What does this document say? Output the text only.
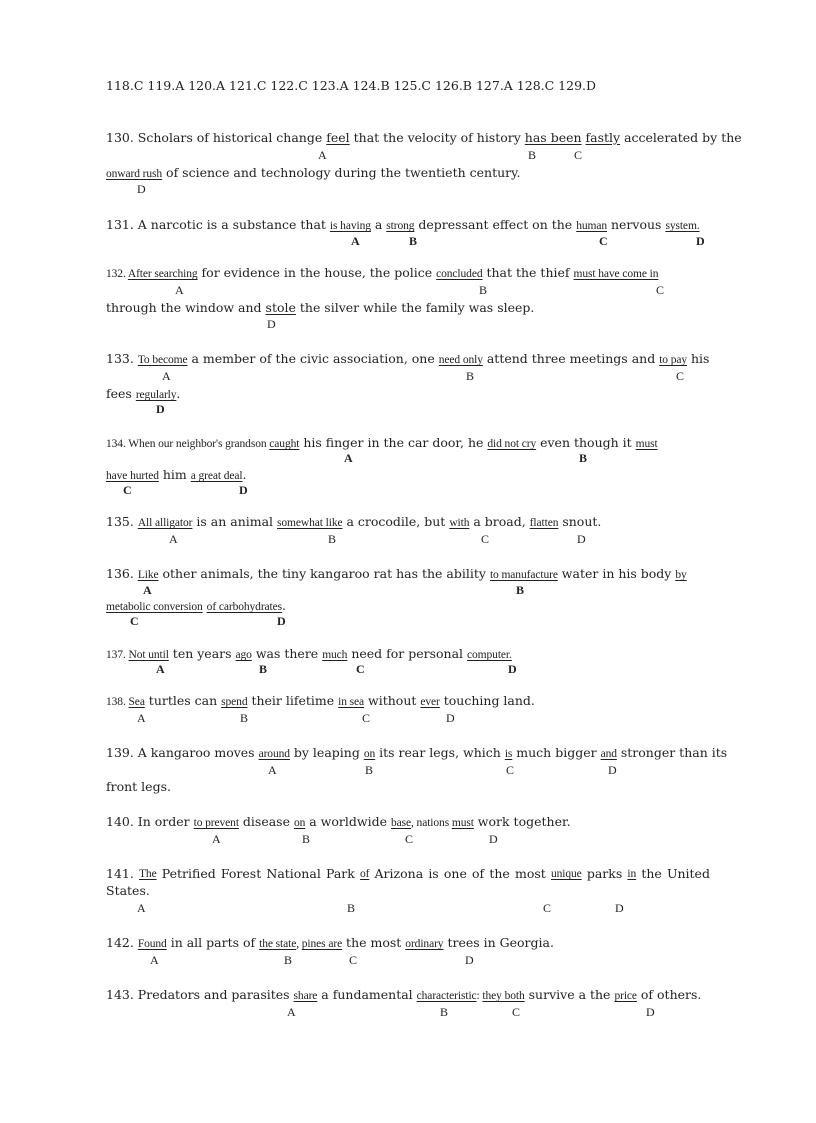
118.C 119.A 120.A 121.C 122.C 123.A 124.B 125.C 126.B 127.A 128.C 129.D
130. Scholars of historical change feel that the velocity of history has been fastly accelerated by the
A	B	C
onward rush of science and technology during the twentieth century.
D
131. A narcotic is a substance that is having a strong depressant effect on the human nervous system.
A	B	C	D
132. After searching for evidence in the house, the police concluded that the thief must have come in
A	B	C
through the window and stole the silver while the family was sleep.
D
133. To become a member of the civic association, one need only attend three meetings and to pay his
A	B	C
fees regularly.
D
134. When our neighbor's grandson caught his finger in the car door, he did not cry even though it must
A	B
have hurted him a great deal.
C	D
135. All alligator is an animal somewhat like a crocodile, but with a broad, flatten snout.
A	B	C	D
136. Like other animals, the tiny kangaroo rat has the ability to manufacture water in his body by
A	B
metabolic conversion of carbohydrates.
C	D
137. Not until ten years ago was there much need for personal computer.
A	B	C	D
138. Sea turtles can spend their lifetime in sea without ever touching land.
A	B	C	D
139. A kangaroo moves around by leaping on its rear legs, which is much bigger and stronger than its
A	B	C	D
front legs.
140. In order to prevent disease on a worldwide base, nations must work together.
A	B	C	D
141. The Petrified Forest National Park of Arizona is one of the most unique parks in the United
States.
A	B	C	D
142. Found in all parts of the state, pines are the most ordinary trees in Georgia.
A	B	C	D
143. Predators and parasites share a fundamental characteristic: they both survive a the price of others.
A	B	C	D
